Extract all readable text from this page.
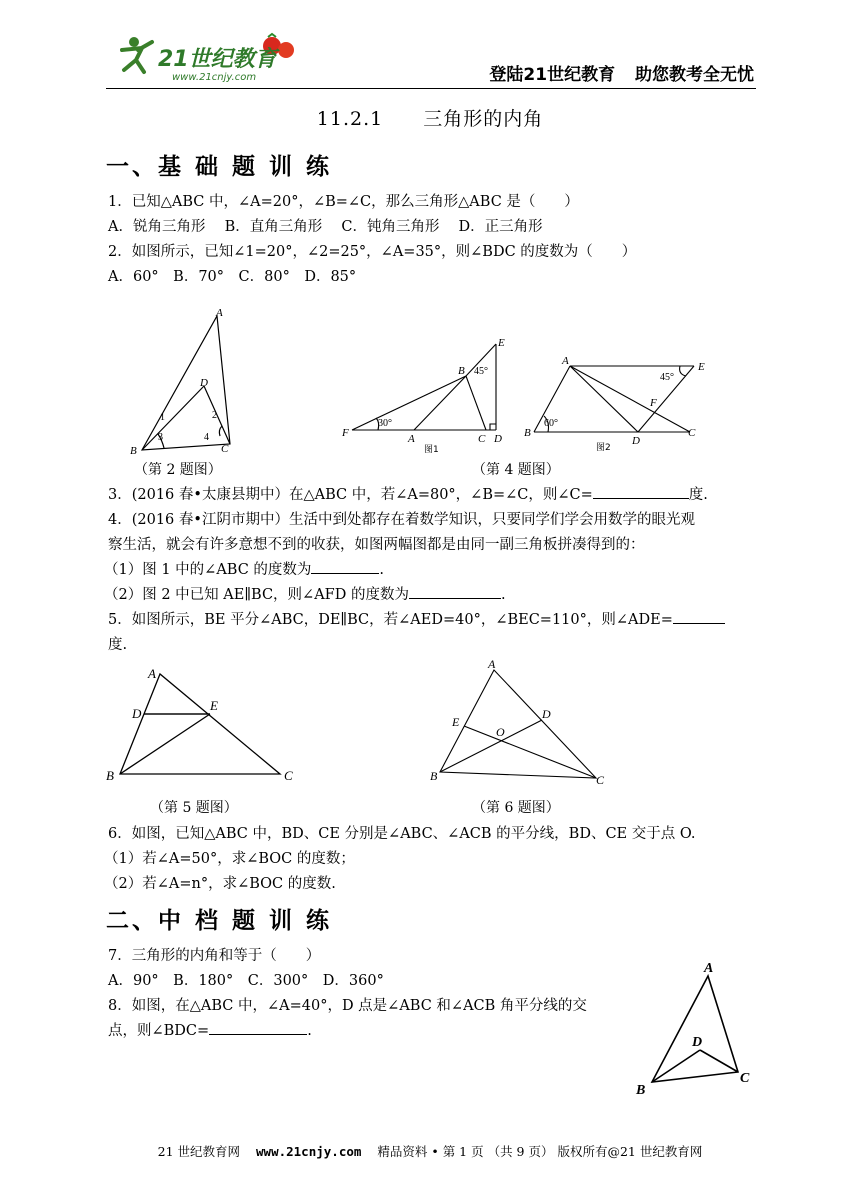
21世纪教育
www.21cnjy.com	登陆21世纪教育 助您教考全无忧
11.2.1　　三角形的内角
一、基 础 题 训 练
1．已知△ABC 中，∠A=20°，∠B=∠C，那么三角形△ABC 是（　　）
A．锐角三角形　 B．直角三角形　 C．钝角三角形　 D．正三角形
2．如图所示，已知∠1=20°，∠2=25°，∠A=35°，则∠BDC 的度数为（　　）
A．60°　B．70°　C．80°　D．85°
A
D
B	C
1	2
3	4
E
B
F	A	C D
45°
30°
图1
A	E
F
B
D
C
45°
60°
图2
（第 2 题图）	（第 4 题图）
3．(2016 春•太康县期中）在△ABC 中，若∠A=80°，∠B=∠C，则∠C=	度.
4．(2016 春•江阴市期中）生活中到处都存在着数学知识，只要同学们学会用数学的眼光观
察生活，就会有许多意想不到的收获，如图两幅图都是由同一副三角板拼凑得到的：
（1）图 1 中的∠ABC 的度数为	.
（2）图 2 中已知 AE∥BC，则∠AFD 的度数为	.
5．如图所示，BE 平分∠ABC，DE∥BC，若∠AED=40°，∠BEC=110°，则∠ADE=
度.
A
D
E
B	C
A
E
D
O
B	C
（第 5 题图）	（第 6 题图）
6．如图，已知△ABC 中，BD、CE 分别是∠ABC、∠ACB 的平分线，BD、CE 交于点 O.
（1）若∠A=50°，求∠BOC 的度数；
（2）若∠A=n°，求∠BOC 的度数.
二、中 档 题 训 练
7．三角形的内角和等于（　　）
A．90°　B．180°　C．300°　D．360°
8．如图，在△ABC 中，∠A=40°，D 点是∠ABC 和∠ACB 角平分线的交
点，则∠BDC=	.
A
D
B
C
21 世纪教育网 www.21cnjy.com 精品资料 • 第 1 页 （共 9 页） 版权所有@21 世纪教育网
